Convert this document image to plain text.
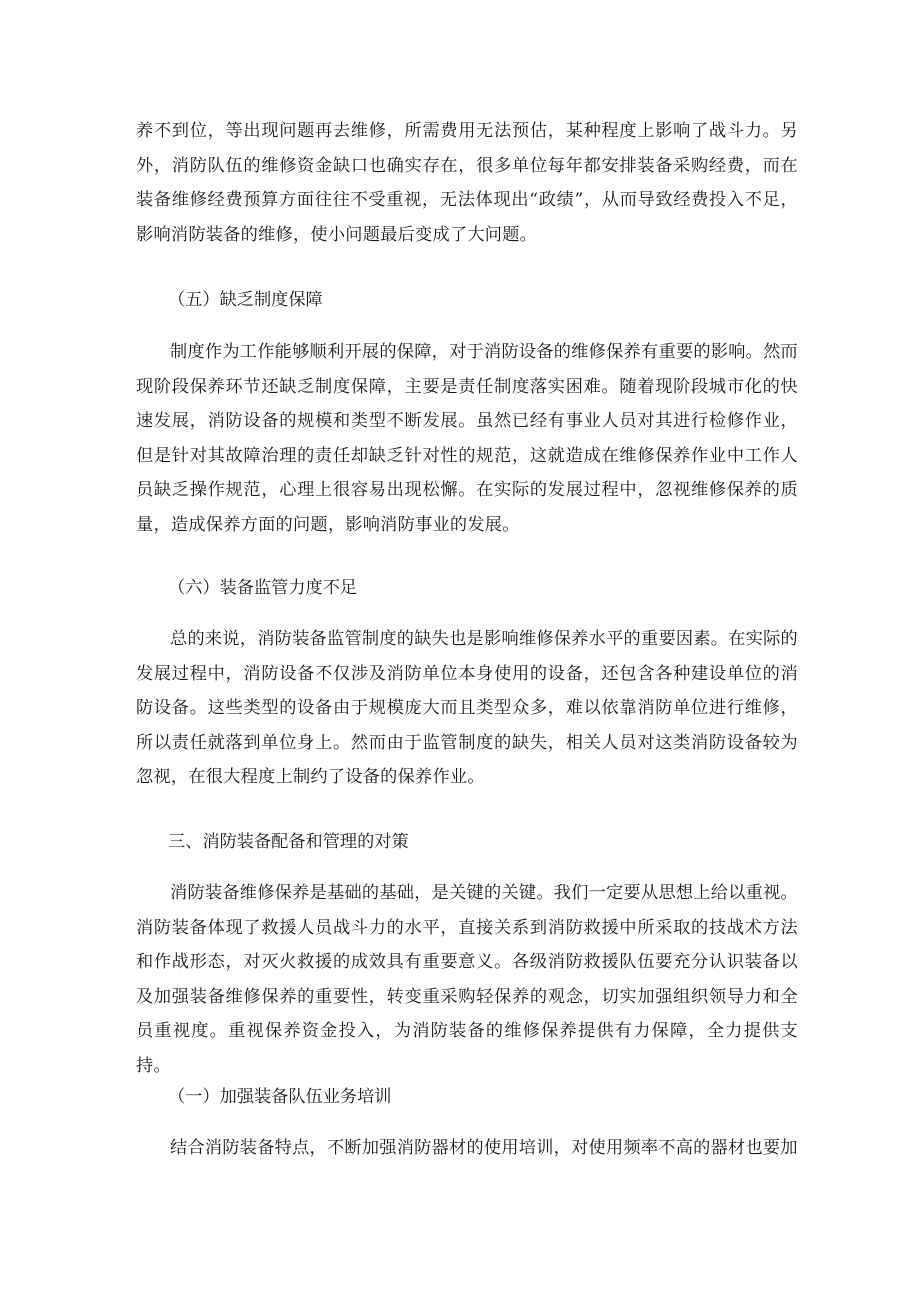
养不到位，等出现问题再去维修，所需费用无法预估，某种程度上影响了战斗力。另外，消防队伍的维修资金缺口也确实存在，很多单位每年都安排装备采购经费，而在装备维修经费预算方面往往不受重视，无法体现出“政绩”，从而导致经费投入不足，影响消防装备的维修，使小问题最后变成了大问题。

（五）缺乏制度保障

制度作为工作能够顺利开展的保障，对于消防设备的维修保养有重要的影响。然而现阶段保养环节还缺乏制度保障，主要是责任制度落实困难。随着现阶段城市化的快速发展，消防设备的规模和类型不断发展。虽然已经有事业人员对其进行检修作业，但是针对其故障治理的责任却缺乏针对性的规范，这就造成在维修保养作业中工作人员缺乏操作规范，心理上很容易出现松懈。在实际的发展过程中，忽视维修保养的质量，造成保养方面的问题，影响消防事业的发展。

（六）装备监管力度不足

总的来说，消防装备监管制度的缺失也是影响维修保养水平的重要因素。在实际的发展过程中，消防设备不仅涉及消防单位本身使用的设备，还包含各种建设单位的消防设备。这些类型的设备由于规模庞大而且类型众多，难以依靠消防单位进行维修，所以责任就落到单位身上。然而由于监管制度的缺失，相关人员对这类消防设备较为忽视，在很大程度上制约了设备的保养作业。

三、消防装备配备和管理的对策

消防装备维修保养是基础的基础，是关键的关键。我们一定要从思想上给以重视。消防装备体现了救援人员战斗力的水平，直接关系到消防救援中所采取的技战术方法和作战形态，对灭火救援的成效具有重要意义。各级消防救援队伍要充分认识装备以及加强装备维修保养的重要性，转变重采购轻保养的观念，切实加强组织领导力和全员重视度。重视保养资金投入，为消防装备的维修保养提供有力保障，全力提供支持。

（一）加强装备队伍业务培训

结合消防装备特点，不断加强消防器材的使用培训，对使用频率不高的器材也要加
